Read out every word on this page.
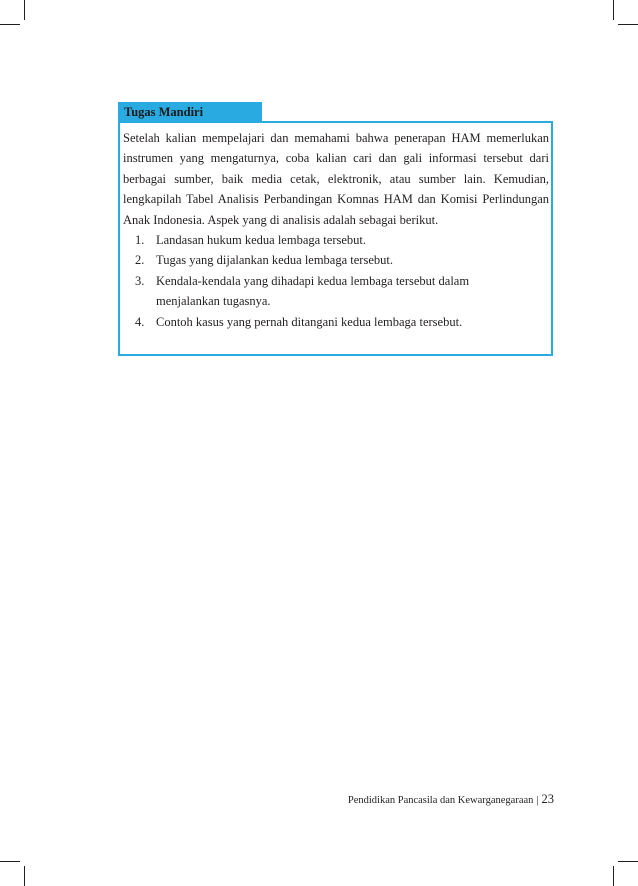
Tugas Mandiri

Setelah kalian mempelajari dan memahami bahwa penerapan HAM memerlukan instrumen yang mengaturnya, coba kalian cari dan gali informasi tersebut dari berbagai sumber, baik media cetak, elektronik, atau sumber lain. Kemudian, lengkapilah Tabel Analisis Perbandingan Komnas HAM dan Komisi Perlindungan Anak Indonesia. Aspek yang di analisis adalah sebagai berikut.

1. Landasan hukum kedua lembaga tersebut.
2. Tugas yang dijalankan kedua lembaga tersebut.
3. Kendala-kendala yang dihadapi kedua lembaga tersebut dalam menjalankan tugasnya.
4. Contoh kasus yang pernah ditangani kedua lembaga tersebut.
Pendidikan Pancasila dan Kewarganegaraan | 23
